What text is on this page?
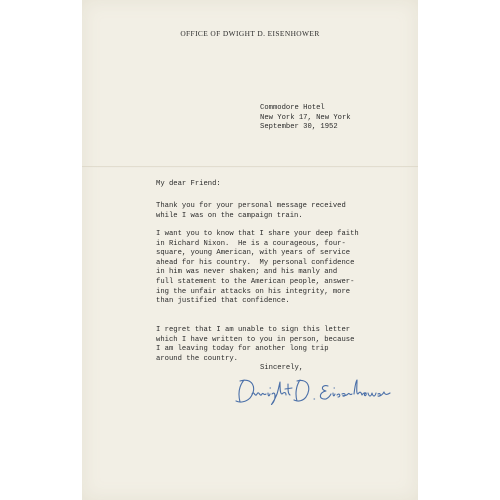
OFFICE OF DWIGHT D. EISENHOWER
Commodore Hotel
New York 17, New York
September 30, 1952
My dear Friend:
Thank you for your personal message received
while I was on the campaign train.
I want you to know that I share your deep faith
in Richard Nixon.  He is a courageous, four-
square, young American, with years of service
ahead for his country.  My personal confidence
in him was never shaken; and his manly and
full statement to the American people, answer-
ing the unfair attacks on his integrity, more
than justified that confidence.
I regret that I am unable to sign this letter
which I have written to you in person, because
I am leaving today for another long trip
around the country.
Sincerely,
Dwight D. Eisenhower
